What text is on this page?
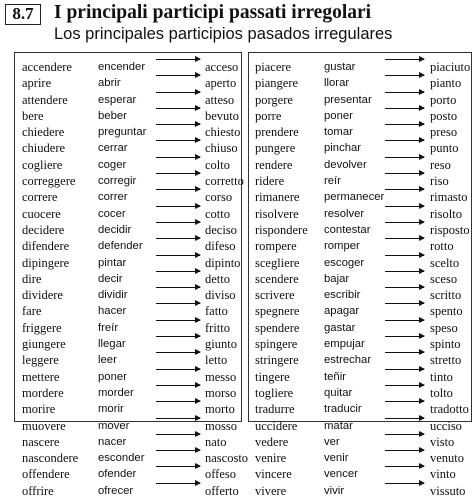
8.7	I principali participi passati irregolari
Los principales participios pasados irregulares
accendere encender	acceso
aprire	abrir	aperto
attendere	esperar	atteso
bere	beber	bevuto
chiedere	preguntar	chiesto
chiudere	cerrar	chiuso
cogliere	coger	colto
correggere corregir	corretto
correre	correr	corso
cuocere	cocer	cotto
decidere	decidir	deciso
difendere	defender	difeso
dipingere	pintar	dipinto
dire	decir	detto
dividere	dividir	diviso
fare	hacer	fatto
friggere	freír	fritto
giungere	llegar	giunto
leggere	leer	letto
mettere	poner	messo
mordere	morder	morso
morire	morir	morto
muovere	mover	mosso
nascere	nacer	nato
nascondere esconder	nascosto
offendere	ofender	offeso
offrire	ofrecer	offerto
piacere	gustar	piaciuto
piangere llorar	pianto
porgere	presentar	porto
porre	poner	posto
prendere tomar	preso
pungere	pinchar	punto
rendere	devolver	reso
ridere	reír	riso
rimanere permanecer	rimasto
risolvere resolver	risolto
rispondere contestar	risposto
rompere romper	rotto
scegliere escoger	scelto
scendere bajar	sceso
scrivere	escribir	scritto
spegnere apagar	spento
spendere gastar	speso
spingere empujar	spinto
stringere estrechar	stretto
tingere	teñir	tinto
togliere	quitar	tolto
tradurre	traducir	tradotto
uccidere matar	ucciso
vedere	ver	visto
venire	venir	venuto
vincere	vencer	vinto
vivere	vivir	vissuto
